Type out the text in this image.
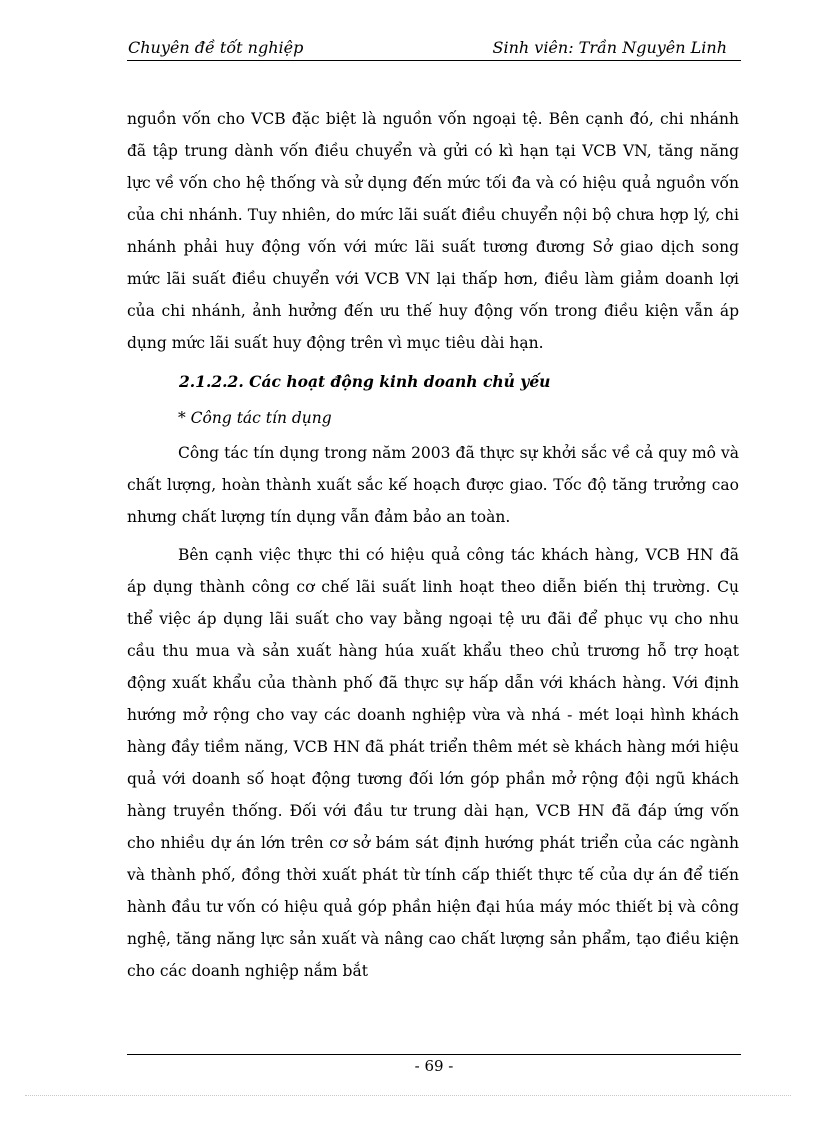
Chuyên đề tốt nghiệp	Sinh viên: Trần Nguyên Linh

nguồn vốn cho VCB đặc biệt là nguồn vốn ngoại tệ. Bên cạnh đó, chi nhánh đã tập trung dành vốn điều chuyển và gửi có kì hạn tại VCB VN, tăng năng lực về vốn cho hệ thống và sử dụng đến mức tối đa và có hiệu quả nguồn vốn của chi nhánh. Tuy nhiên, do mức lãi suất điều chuyển nội bộ chưa hợp lý, chi nhánh phải huy động vốn với mức lãi suất tương đương Sở giao dịch song mức lãi suất điều chuyển với VCB VN lại thấp hơn, điều làm giảm doanh lợi của chi nhánh, ảnh hưởng đến ưu thế huy động vốn trong điều kiện vẫn áp dụng mức lãi suất huy động trên vì mục tiêu dài hạn.

2.1.2.2. Các hoạt động kinh doanh chủ yếu

* Công tác tín dụng

Công tác tín dụng trong năm 2003 đã thực sự khởi sắc về cả quy mô và chất lượng, hoàn thành xuất sắc kế hoạch được giao. Tốc độ tăng trưởng cao nhưng chất lượng tín dụng vẫn đảm bảo an toàn.

Bên cạnh việc thực thi có hiệu quả công tác khách hàng, VCB HN đã áp dụng thành công cơ chế lãi suất linh hoạt theo diễn biến thị trường. Cụ thể việc áp dụng lãi suất cho vay bằng ngoại tệ ưu đãi để phục vụ cho nhu cầu thu mua và sản xuất hàng húa xuất khẩu theo chủ trương hỗ trợ hoạt động xuất khẩu của thành phố đã thực sự hấp dẫn với khách hàng. Với định hướng mở rộng cho vay các doanh nghiệp vừa và nhá - mét loại hình khách hàng đầy tiềm năng, VCB HN đã phát triển thêm mét sè khách hàng mới hiệu quả với doanh số hoạt động tương đối lớn góp phần mở rộng đội ngũ khách hàng truyền thống. Đối với đầu tư trung dài hạn, VCB HN đã đáp ứng vốn cho nhiều dự án lớn trên cơ sở bám sát định hướng phát triển của các ngành và thành phố, đồng thời xuất phát từ tính cấp thiết thực tế của dự án để tiến hành đầu tư vốn có hiệu quả góp phần hiện đại húa máy móc thiết bị và công nghệ, tăng năng lực sản xuất và nâng cao chất lượng sản phẩm, tạo điều kiện cho các doanh nghiệp nắm bắt

- 69 -
